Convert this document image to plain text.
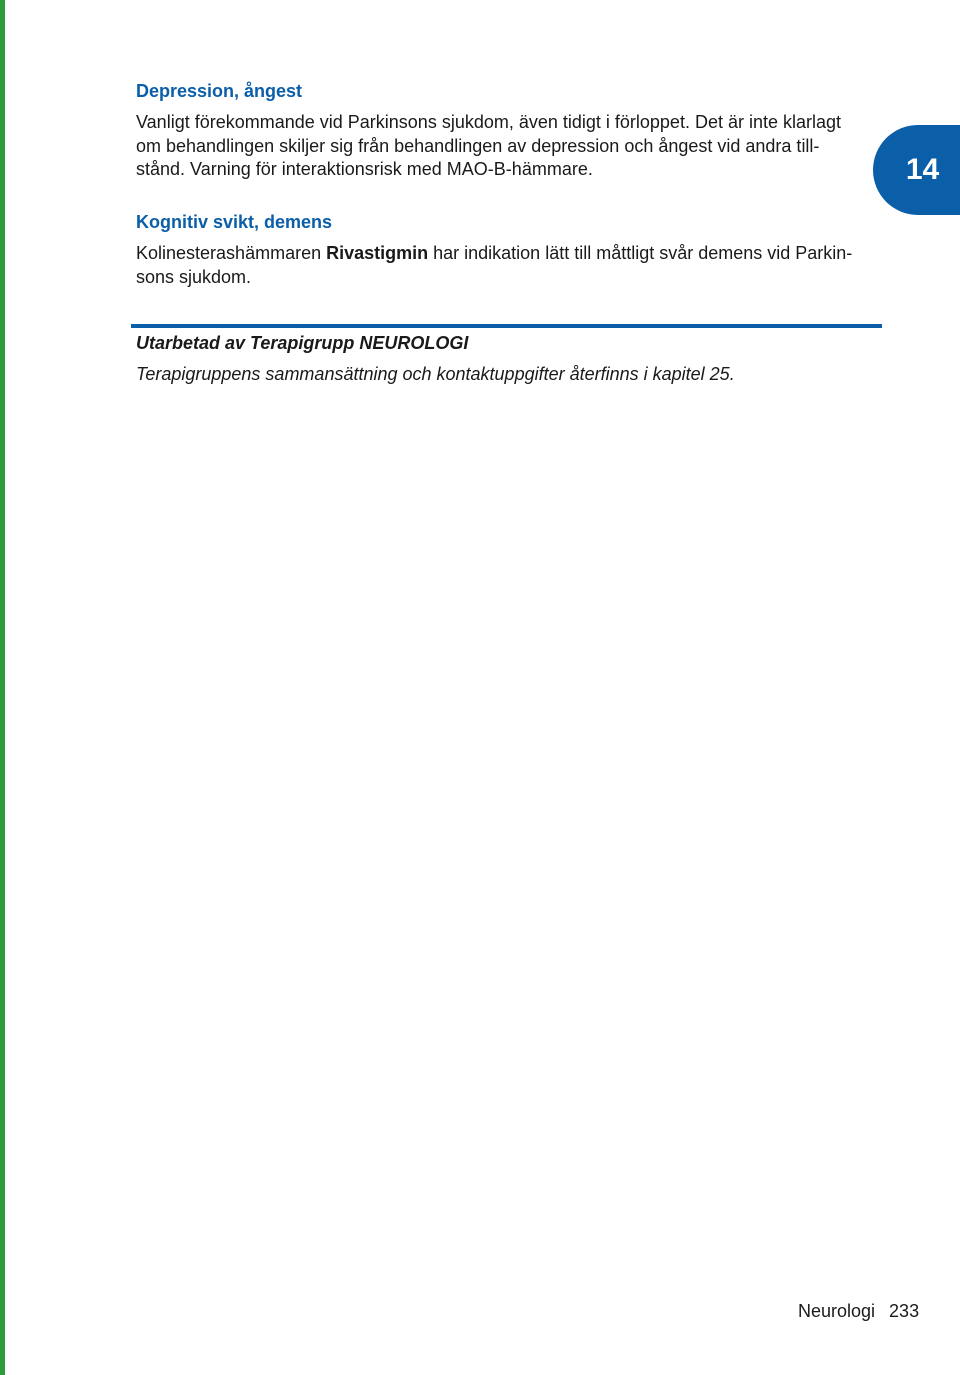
14
Depression, ångest

Vanligt förekommande vid Parkinsons sjukdom, även tidigt i förloppet. Det är inte klarlagt
om behandlingen skiljer sig från behandlingen av depression och ångest vid andra till-
stånd. Varning för interaktionsrisk med MAO-B-hämmare.

Kognitiv svikt, demens

Kolinesterashämmaren Rivastigmin har indikation lätt till måttligt svår demens vid Parkin-
sons sjukdom.

Utarbetad av Terapigrupp NEUROLOGI
Terapigruppens sammansättning och kontaktuppgifter återfinns i kapitel 25.
Neurologi 233
